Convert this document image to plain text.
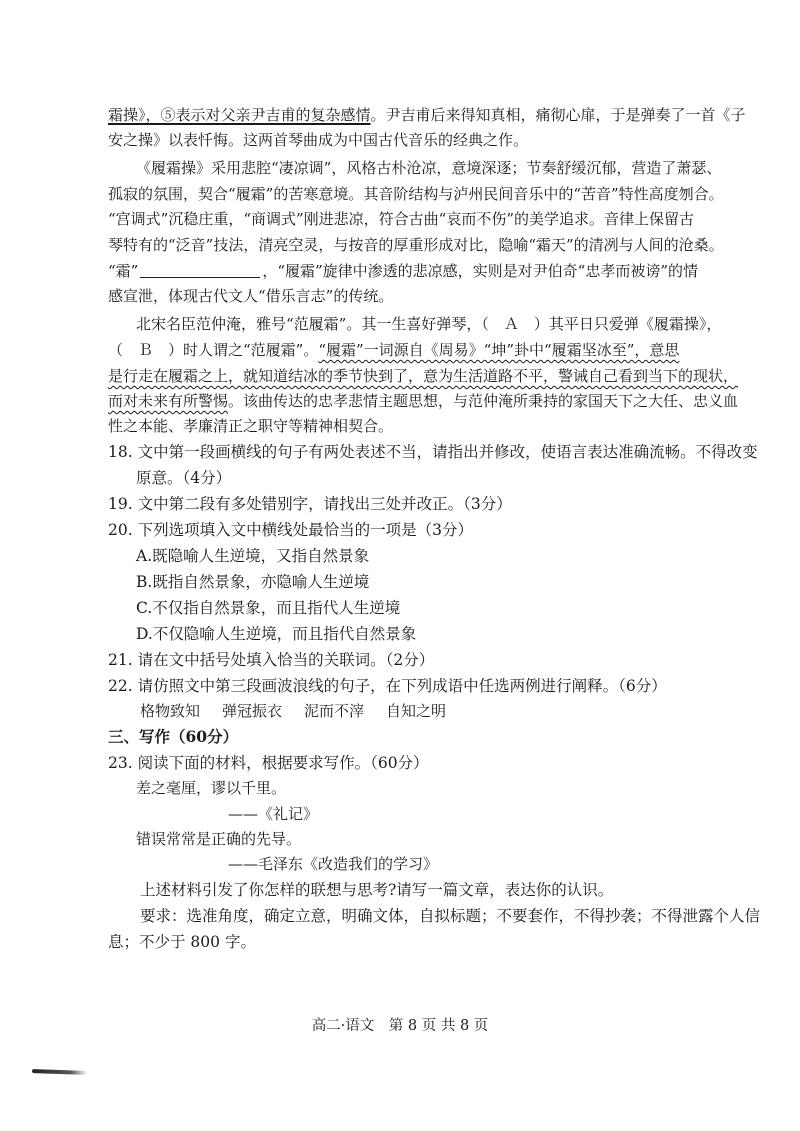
霜操》，⑤表示对父亲尹吉甫的复杂感情。尹吉甫后来得知真相，痛彻心扉，于是弹奏了一首《子
安之操》以表忏悔。这两首琴曲成为中国古代音乐的经典之作。
《履霜操》采用悲腔“凄凉调”，风格古朴沧凉，意境深逐；节奏舒缓沉郁，营造了萧瑟、
孤寂的氛围，契合“履霜”的苦寒意境。其音阶结构与泸州民间音乐中的“苦音”特性高度刎合。
“宫调式”沉稳庄重，“商调式”刚进悲凉，符合古曲“哀而不伤”的美学追求。音律上保留古
琴特有的“泛音”技法，清亮空灵，与按音的厚重形成对比，隐喻“霜天”的清冽与人间的沧桑。
“霜”	，“履霜”旋律中渗透的悲凉感，实则是对尹伯奇“忠孝而被谤”的情
感宣泄，体现古代文人“借乐言志”的传统。
北宋名臣范仲淹，雅号“范履霜”。其一生喜好弹琴，（　Ａ　）其平日只爱弹《履霜操》，
（　Ｂ　）时人谓之“范履霜”。“履霜”一词源自《周易》“坤”卦中“履霜坚冰至”，意思
是行走在履霜之上，就知道结冰的季节快到了，意为生活道路不平，警诫自己看到当下的现状，
而对未来有所警惕。该曲传达的忠孝悲情主题思想，与范仲淹所秉持的家国天下之大任、忠义血
性之本能、孝廉清正之职守等精神相契合。
18. 文中第一段画横线的句子有两处表述不当，请指出并修改，使语言表达准确流畅。不得改变
原意。（4分）
19. 文中第二段有多处错别字，请找出三处并改正。（3分）
20. 下列选项填入文中横线处最恰当的一项是（3分）
A.既隐喻人生逆境，又指自然景象
B.既指自然景象，亦隐喻人生逆境
C.不仅指自然景象，而且指代人生逆境
D.不仅隐喻人生逆境，而且指代自然景象
21. 请在文中括号处填入恰当的关联词。（2分）
22. 请仿照文中第三段画波浪线的句子，在下列成语中任选两例进行阐释。（6分）
格物致知 弹冠振衣 泥而不滓 自知之明
三、写作（60分）
23. 阅读下面的材料，根据要求写作。（60分）
差之毫厘，谬以千里。
——《礼记》
错误常常是正确的先导。
——毛泽东《改造我们的学习》
上述材料引发了你怎样的联想与思考?请写一篇文章，表达你的认识。
要求：选准角度，确定立意，明确文体，自拟标题；不要套作，不得抄袭；不得泄露个人信
息；不少于 800 字。
高二·语文　第 8 页 共 8 页
